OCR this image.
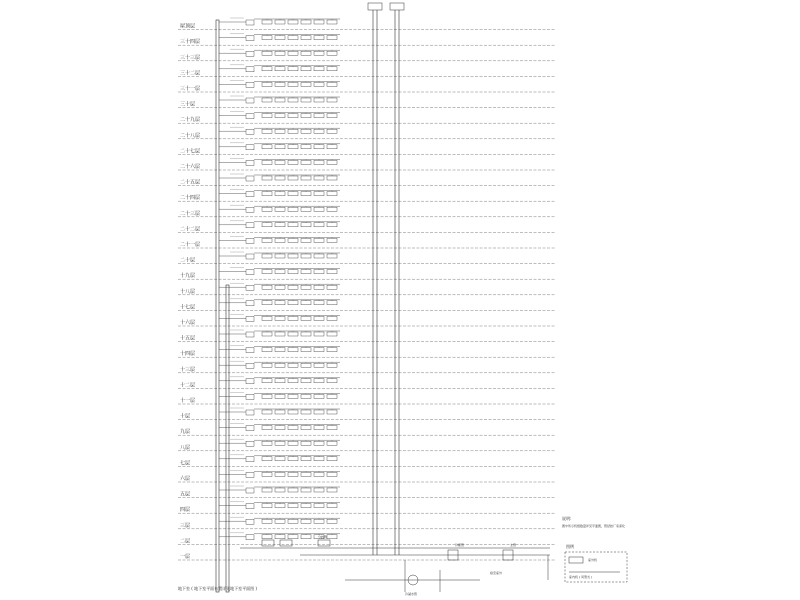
屋顶层
三十四层
三十三层
三十二层
三十一层
三十层
二十九层
二十八层
二十七层
二十六层
二十五层
二十四层
二十三层
二十二层
二十一层
二十层
十九层
十八层
十七层
十六层
十五层
十四层
十三层
十二层
十一层
十层
九层
八层
七层
六层
五层
四层
三层
二层
一层
地下室 ( 地下室平面布置详见地下室平面图 )
说明:
图中所示机组数量详见平面图，管径按厂家深化
图例
室外机
室内机 ( 风管式 )
分歧管
冷媒管	主管
冷凝水管
接至室外
